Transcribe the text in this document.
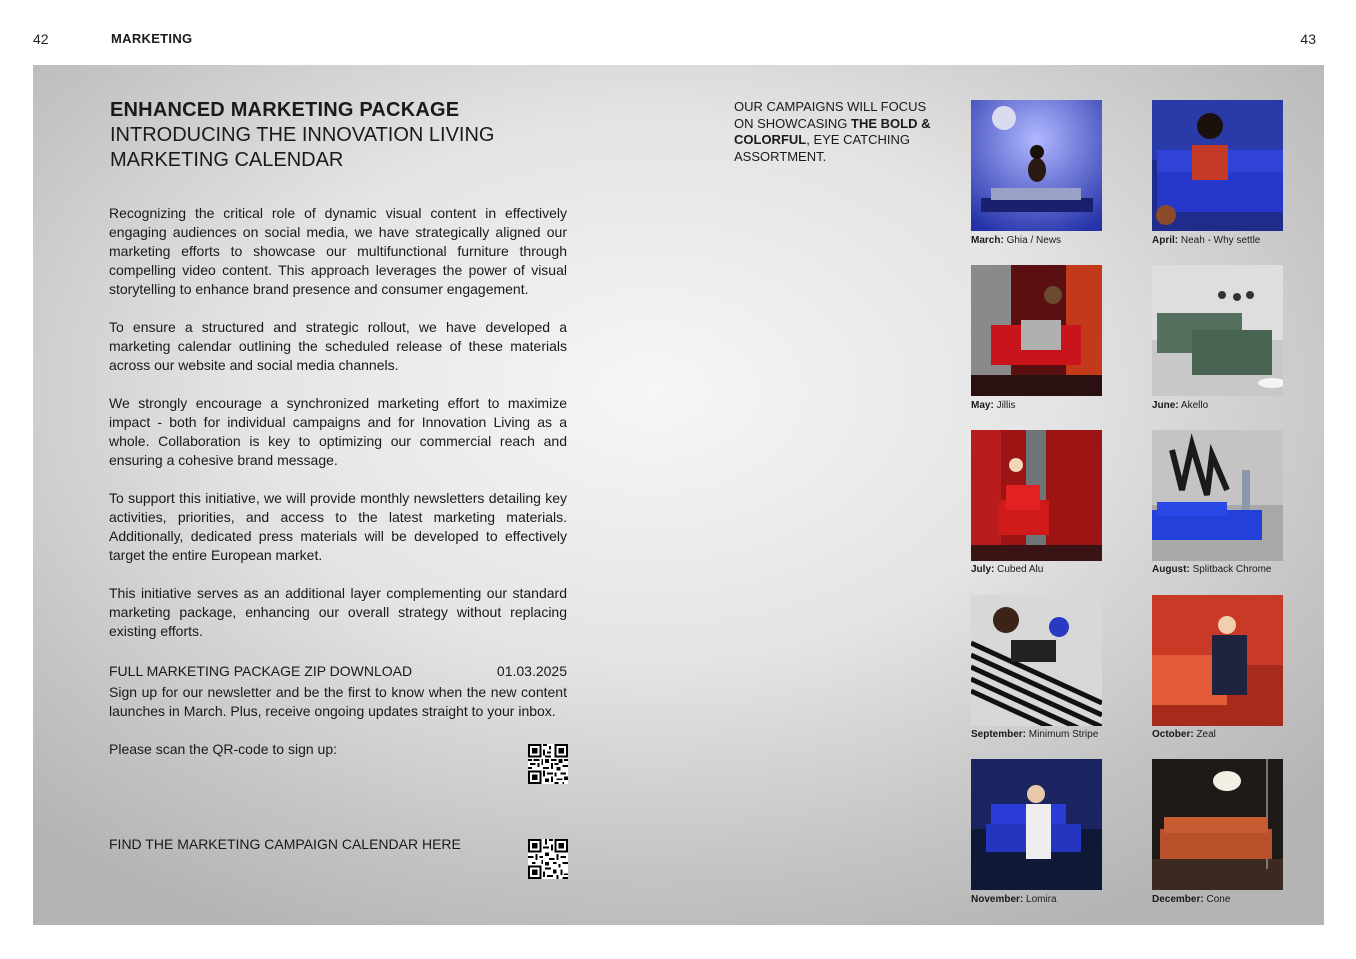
42	MARKETING	43
ENHANCED MARKETING PACKAGE
INTRODUCING THE INNOVATION LIVING
MARKETING CALENDAR

Recognizing the critical role of dynamic visual content in effectively engaging audiences on social media, we have strategically aligned our marketing efforts to showcase our multifunctional furniture through compelling video content. This approach leverages the power of visual storytelling to enhance brand presence and consumer engagement.

To ensure a structured and strategic rollout, we have developed a marketing calendar outlining the scheduled release of these materials across our website and social media channels.

We strongly encourage a synchronized marketing effort to maximize impact - both for individual campaigns and for Innovation Living as a whole. Collaboration is key to optimizing our commercial reach and ensuring a cohesive brand message.

To support this initiative, we will provide monthly newsletters detailing key activities, priorities, and access to the latest marketing materials. Additionally, dedicated press materials will be developed to effectively target the entire European market.

This initiative serves as an additional layer complementing our standard marketing package, enhancing our overall strategy without replacing existing efforts.

FULL MARKETING PACKAGE ZIP DOWNLOAD	01.03.2025
Sign up for our newsletter and be the first to know when the new content launches in March. Plus, receive ongoing updates straight to your inbox.
Please scan the QR-code to sign up:
FIND THE MARKETING CAMPAIGN CALENDAR HERE
OUR CAMPAIGNS WILL FOCUS ON SHOWCASING THE BOLD & COLORFUL, EYE CATCHING ASSORTMENT.
March: Ghia / News	April: Neah - Why settle
May: Jillis	June: Akello
July: Cubed Alu	August: Splitback Chrome
September: Minimum Stripe	October: Zeal
November: Lomira	December: Cone
